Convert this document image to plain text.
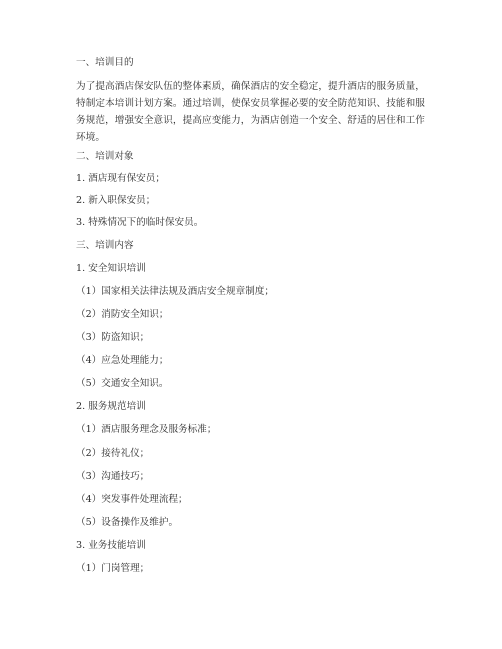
一、培训目的
为了提高酒店保安队伍的整体素质，确保酒店的安全稳定，提升酒店的服务质量，
特制定本培训计划方案。通过培训，使保安员掌握必要的安全防范知识、技能和服
务规范，增强安全意识，提高应变能力，为酒店创造一个安全、舒适的居住和工作
环境。
二、培训对象
1. 酒店现有保安员；
2. 新入职保安员；
3. 特殊情况下的临时保安员。
三、培训内容
1. 安全知识培训
（1）国家相关法律法规及酒店安全规章制度；
（2）消防安全知识；
（3）防盗知识；
（4）应急处理能力；
（5）交通安全知识。
2. 服务规范培训
（1）酒店服务理念及服务标准；
（2）接待礼仪；
（3）沟通技巧；
（4）突发事件处理流程；
（5）设备操作及维护。
3. 业务技能培训
（1）门岗管理；
